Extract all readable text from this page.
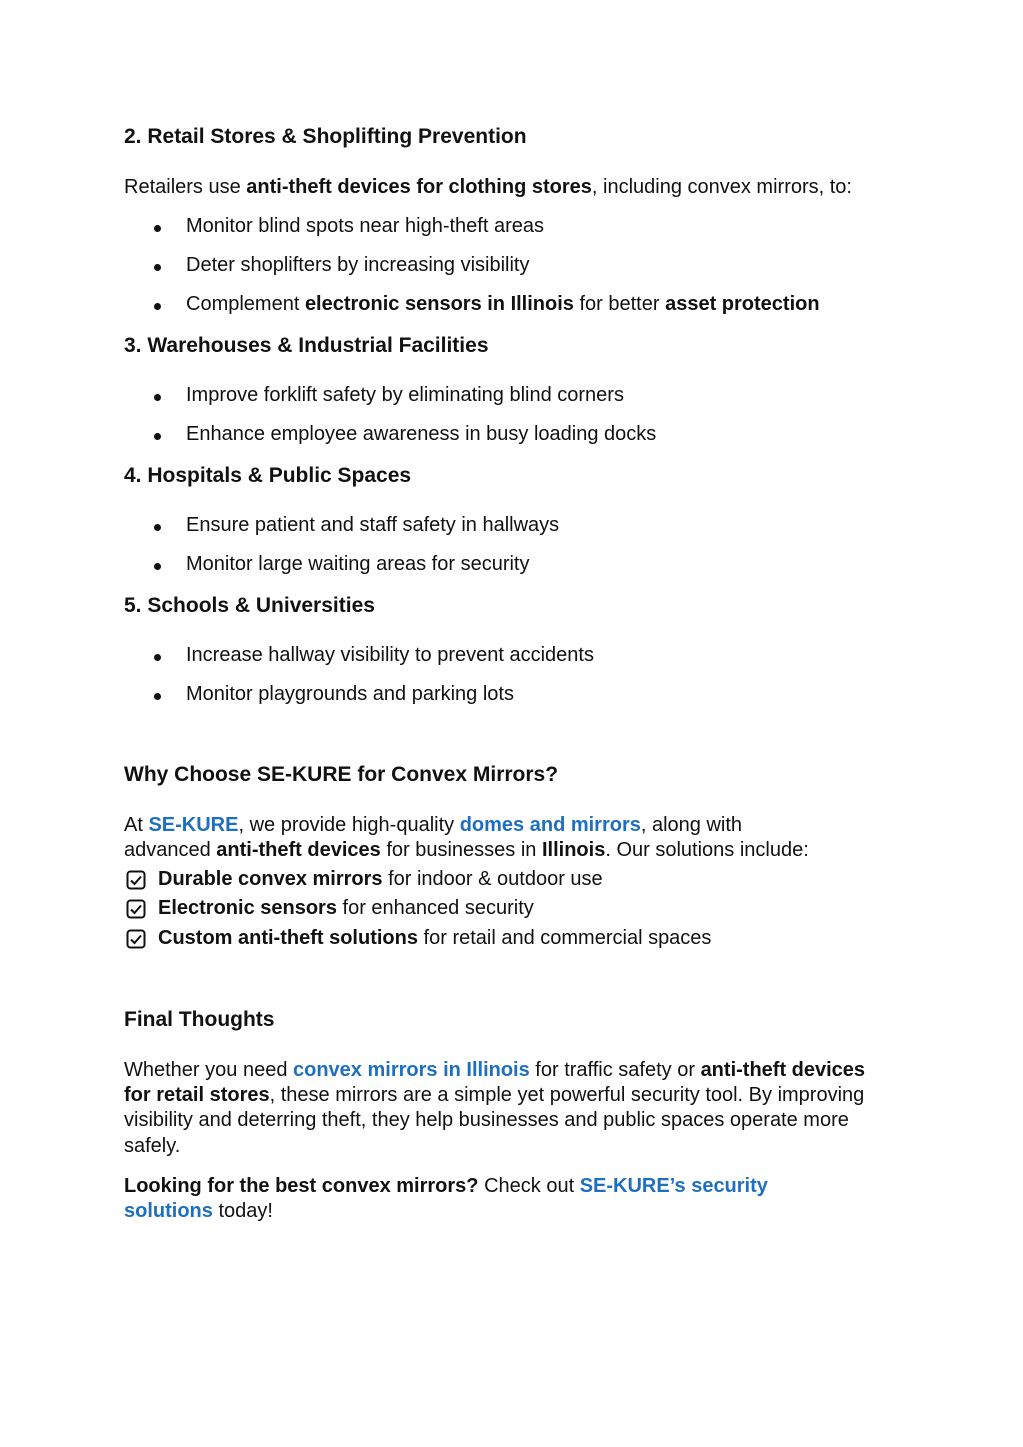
2. Retail Stores & Shoplifting Prevention
Retailers use anti-theft devices for clothing stores, including convex mirrors, to:
Monitor blind spots near high-theft areas
Deter shoplifters by increasing visibility
Complement electronic sensors in Illinois for better asset protection
3. Warehouses & Industrial Facilities
Improve forklift safety by eliminating blind corners
Enhance employee awareness in busy loading docks
4. Hospitals & Public Spaces
Ensure patient and staff safety in hallways
Monitor large waiting areas for security
5. Schools & Universities
Increase hallway visibility to prevent accidents
Monitor playgrounds and parking lots
Why Choose SE-KURE for Convex Mirrors?
At SE-KURE, we provide high-quality domes and mirrors, along with
advanced anti-theft devices for businesses in Illinois. Our solutions include:
Durable convex mirrors for indoor & outdoor use
Electronic sensors for enhanced security
Custom anti-theft solutions for retail and commercial spaces
Final Thoughts
Whether you need convex mirrors in Illinois for traffic safety or anti-theft devices
for retail stores, these mirrors are a simple yet powerful security tool. By improving
visibility and deterring theft, they help businesses and public spaces operate more
safely.
Looking for the best convex mirrors? Check out SE-KURE’s security
solutions today!
